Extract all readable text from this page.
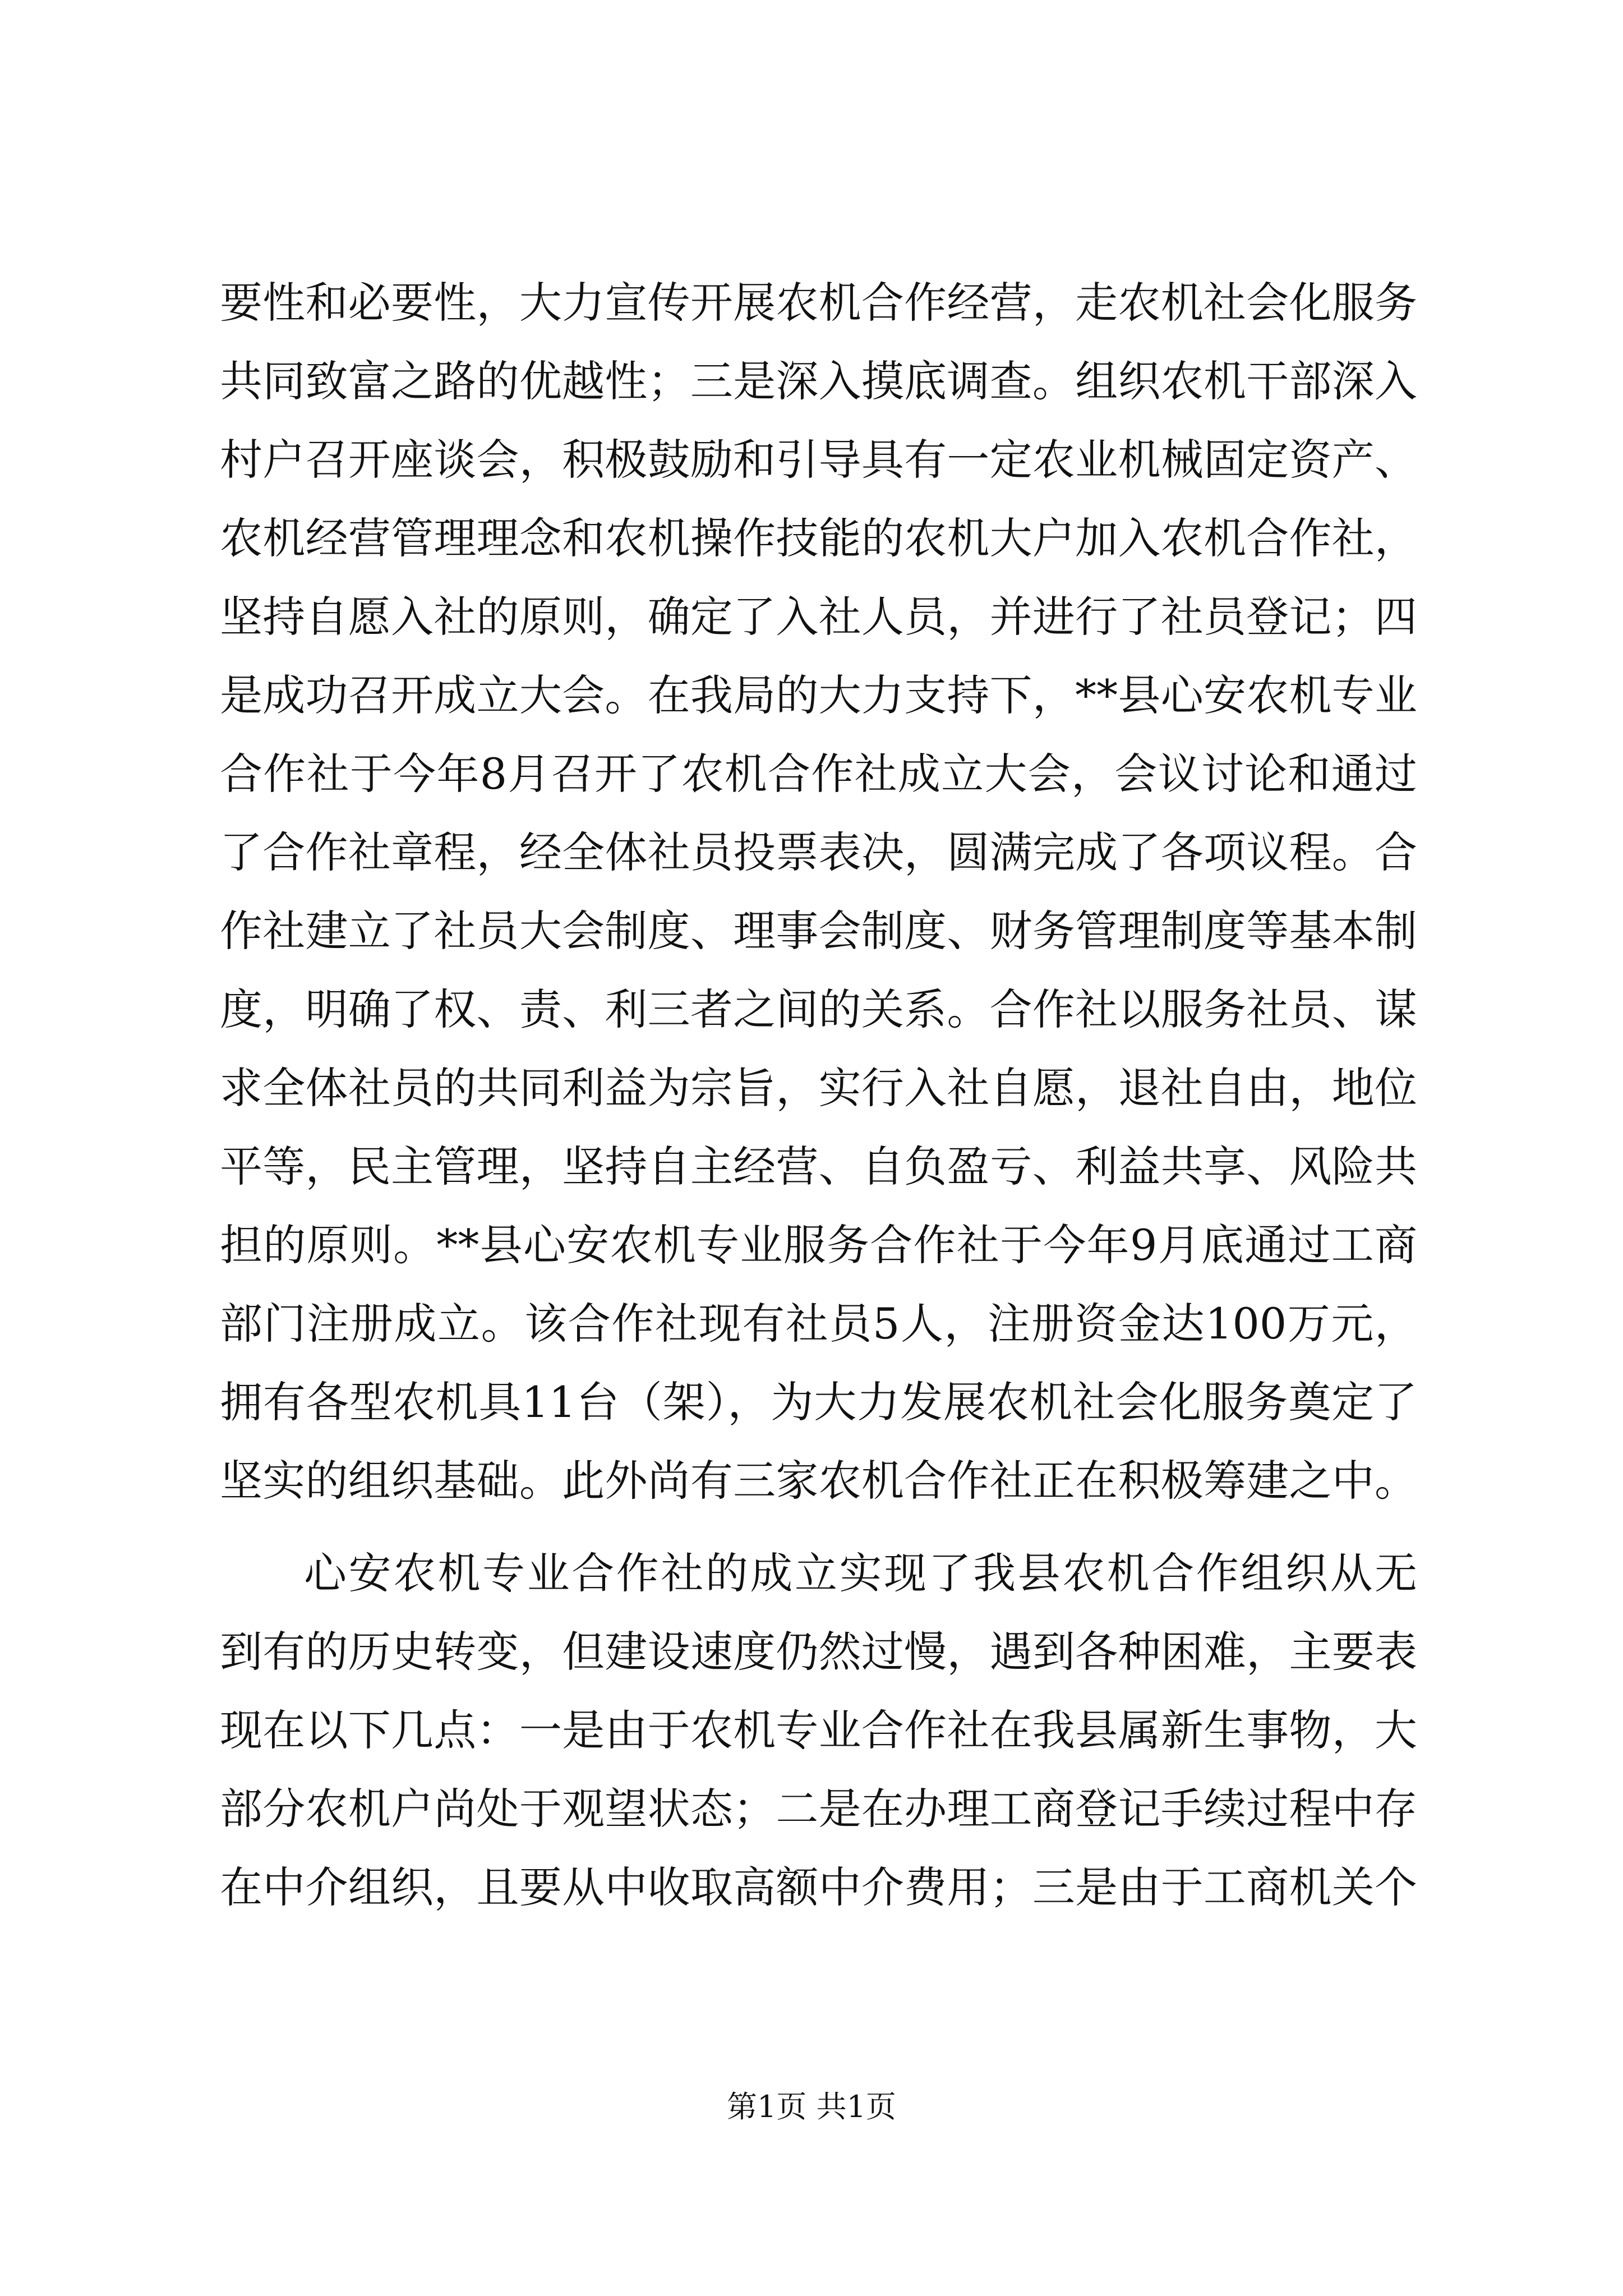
要性和必要性，大力宣传开展农机合作经营，走农机社会化服务
共同致富之路的优越性；三是深入摸底调查。组织农机干部深入
村户召开座谈会，积极鼓励和引导具有一定农业机械固定资产、
农机经营管理理念和农机操作技能的农机大户加入农机合作社，
坚持自愿入社的原则，确定了入社人员，并进行了社员登记；四
是成功召开成立大会。在我局的大力支持下，**县心安农机专业
合作社于今年8月召开了农机合作社成立大会，会议讨论和通过
了合作社章程，经全体社员投票表决，圆满完成了各项议程。合
作社建立了社员大会制度、理事会制度、财务管理制度等基本制
度，明确了权、责、利三者之间的关系。合作社以服务社员、谋
求全体社员的共同利益为宗旨，实行入社自愿，退社自由，地位
平等，民主管理，坚持自主经营、自负盈亏、利益共享、风险共
担的原则。**县心安农机专业服务合作社于今年9月底通过工商
部门注册成立。该合作社现有社员5人，注册资金达100万元，
拥有各型农机具11台（架），为大力发展农机社会化服务奠定了
坚实的组织基础。此外尚有三家农机合作社正在积极筹建之中。
心安农机专业合作社的成立实现了我县农机合作组织从无
到有的历史转变，但建设速度仍然过慢，遇到各种困难，主要表
现在以下几点：一是由于农机专业合作社在我县属新生事物，大
部分农机户尚处于观望状态；二是在办理工商登记手续过程中存
在中介组织，且要从中收取高额中介费用；三是由于工商机关个
第1页 共1页
